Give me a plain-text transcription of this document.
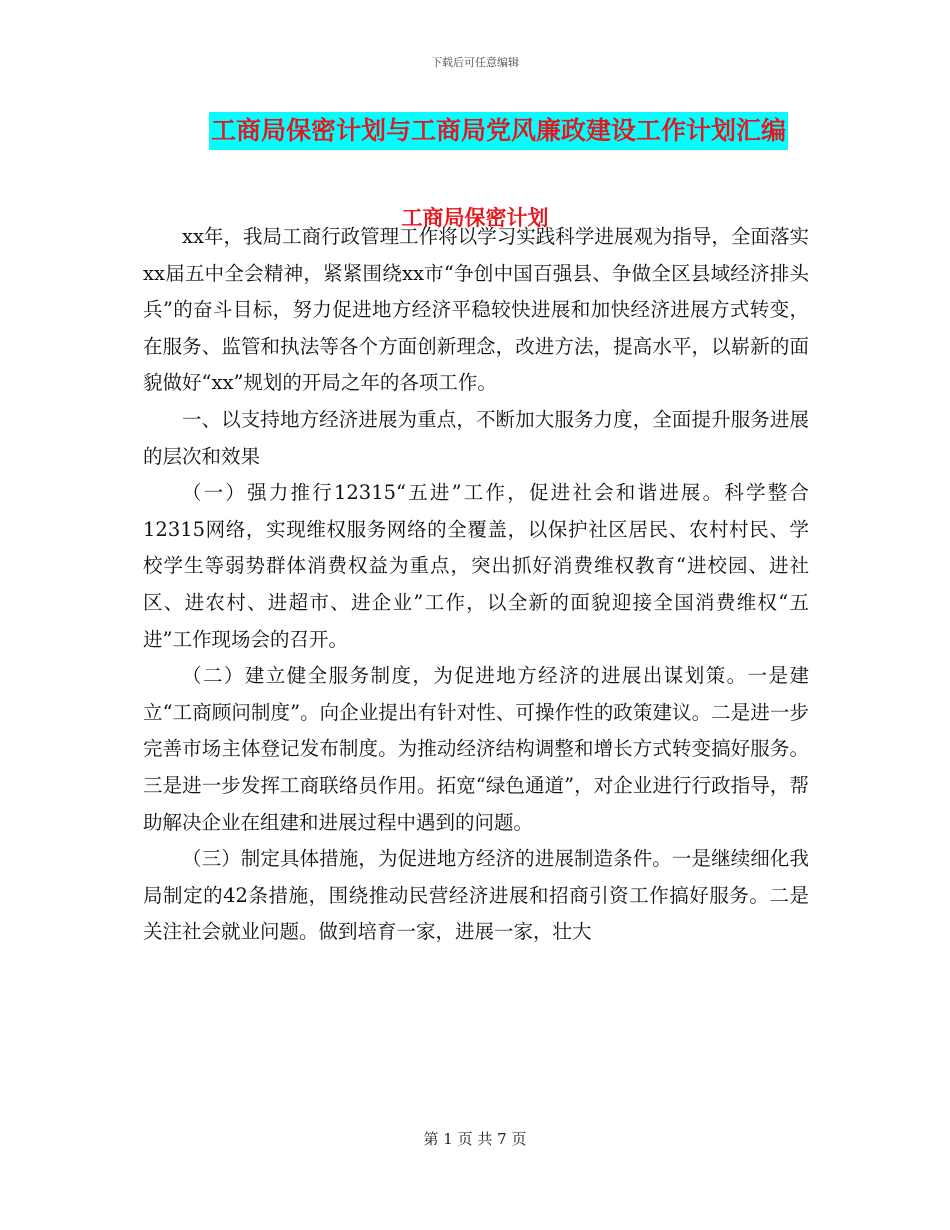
下载后可任意编辑
工商局保密计划与工商局党风廉政建设工作计划汇编
工商局保密计划

xx年，我局工商行政管理工作将以学习实践科学进展观为指导，全面落实xx届五中全会精神，紧紧围绕xx市“争创中国百强县、争做全区县域经济排头兵”的奋斗目标，努力促进地方经济平稳较快进展和加快经济进展方式转变，在服务、监管和执法等各个方面创新理念，改进方法，提高水平，以崭新的面貌做好“xx”规划的开局之年的各项工作。

一、以支持地方经济进展为重点，不断加大服务力度，全面提升服务进展的层次和效果

（一）强力推行12315“五进”工作，促进社会和谐进展。科学整合12315网络，实现维权服务网络的全覆盖，以保护社区居民、农村村民、学校学生等弱势群体消费权益为重点，突出抓好消费维权教育“进校园、进社区、进农村、进超市、进企业”工作，以全新的面貌迎接全国消费维权“五进”工作现场会的召开。

（二）建立健全服务制度，为促进地方经济的进展出谋划策。一是建立“工商顾问制度”。向企业提出有针对性、可操作性的政策建议。二是进一步完善市场主体登记发布制度。为推动经济结构调整和增长方式转变搞好服务。三是进一步发挥工商联络员作用。拓宽“绿色通道”，对企业进行行政指导，帮助解决企业在组建和进展过程中遇到的问题。

（三）制定具体措施，为促进地方经济的进展制造条件。一是继续细化我局制定的42条措施，围绕推动民营经济进展和招商引资工作搞好服务。二是关注社会就业问题。做到培育一家，进展一家，壮大

第 1 页 共 7 页
